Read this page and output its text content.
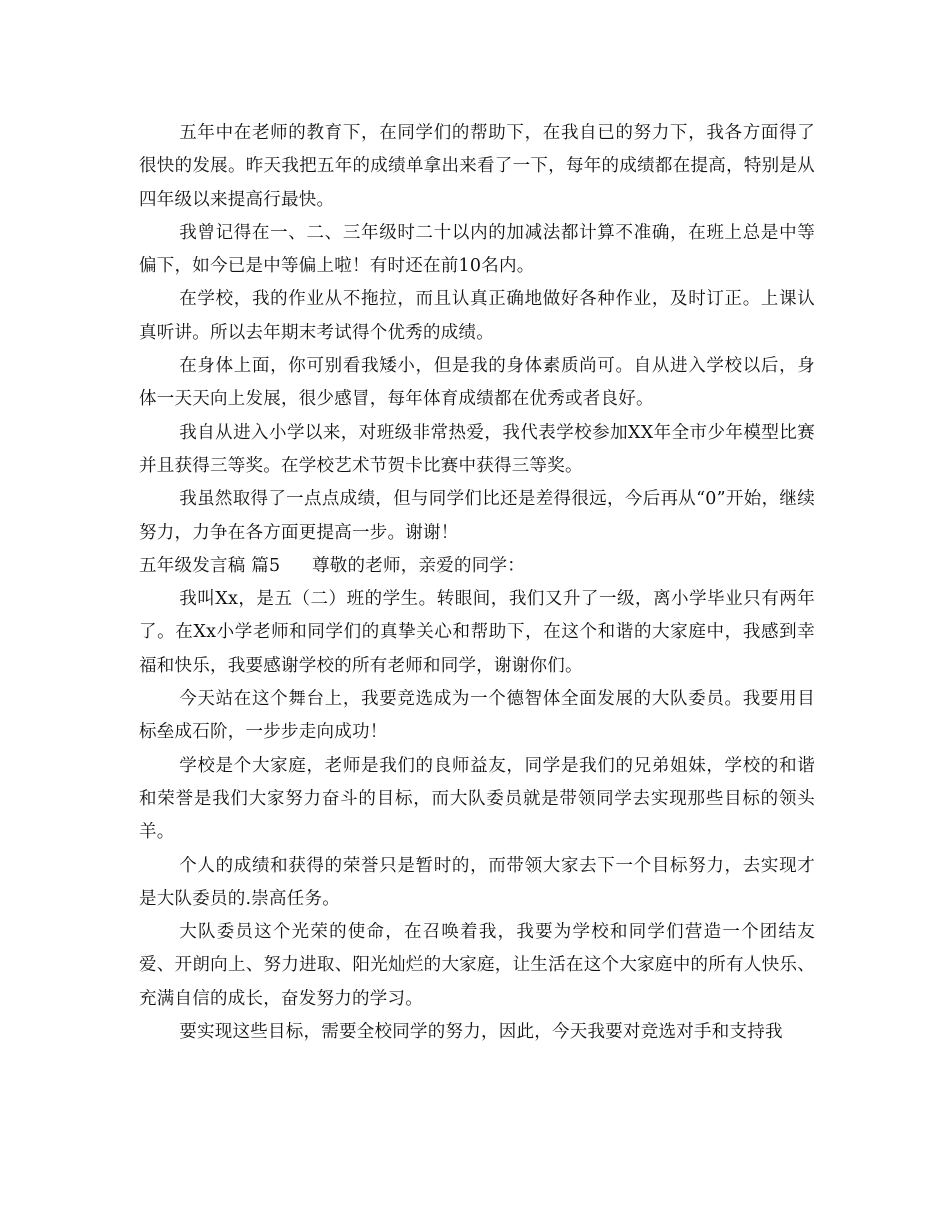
五年中在老师的教育下，在同学们的帮助下，在我自已的努力下，我各方面得了很快的发展。昨天我把五年的成绩单拿出来看了一下，每年的成绩都在提高，特别是从四年级以来提高行最快。

我曾记得在一、二、三年级时二十以内的加减法都计算不准确，在班上总是中等偏下，如今已是中等偏上啦！有时还在前10名内。

在学校，我的作业从不拖拉，而且认真正确地做好各种作业，及时订正。上课认真听讲。所以去年期末考试得个优秀的成绩。

在身体上面，你可别看我矮小，但是我的身体素质尚可。自从进入学校以后，身体一天天向上发展，很少感冒，每年体育成绩都在优秀或者良好。

我自从进入小学以来，对班级非常热爱，我代表学校参加XX年全市少年模型比赛并且获得三等奖。在学校艺术节贺卡比赛中获得三等奖。

我虽然取得了一点点成绩，但与同学们比还是差得很远，今后再从“0”开始，继续努力，力争在各方面更提高一步。谢谢！

五年级发言稿 篇5 尊敬的老师，亲爱的同学：

我叫Xx，是五（二）班的学生。转眼间，我们又升了一级，离小学毕业只有两年了。在Xx小学老师和同学们的真挚关心和帮助下，在这个和谐的大家庭中，我感到幸福和快乐，我要感谢学校的所有老师和同学，谢谢你们。

今天站在这个舞台上，我要竞选成为一个德智体全面发展的大队委员。我要用目标垒成石阶，一步步走向成功！

学校是个大家庭，老师是我们的良师益友，同学是我们的兄弟姐妹，学校的和谐和荣誉是我们大家努力奋斗的目标，而大队委员就是带领同学去实现那些目标的领头羊。

个人的成绩和获得的荣誉只是暂时的，而带领大家去下一个目标努力，去实现才是大队委员的.崇高任务。

大队委员这个光荣的使命，在召唤着我，我要为学校和同学们营造一个团结友爱、开朗向上、努力进取、阳光灿烂的大家庭，让生活在这个大家庭中的所有人快乐、充满自信的成长，奋发努力的学习。

要实现这些目标，需要全校同学的努力，因此，今天我要对竞选对手和支持我
